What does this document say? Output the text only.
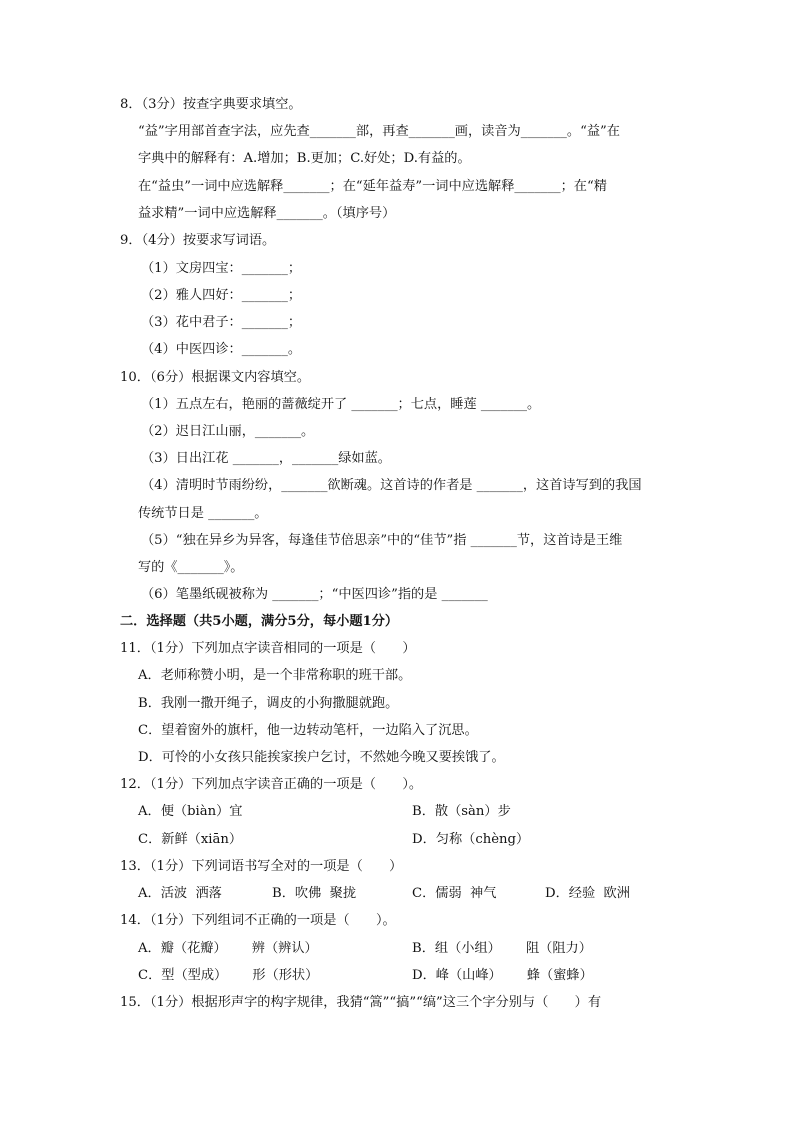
8．（3分）按查字典要求填空。
“益”字用部首查字法，应先查_______部，再查_______画，读音为_______。“益”在
字典中的解释有：A.增加；B.更加；C.好处；D.有益的。
在“益虫”一词中应选解释_______；在“延年益寿”一词中应选解释_______；在“精
益求精”一词中应选解释_______。（填序号）
9．（4分）按要求写词语。
（1）文房四宝：_______；
（2）雅人四好：_______；
（3）花中君子：_______；
（4）中医四诊：_______。
10．（6分）根据课文内容填空。
（1）五点左右，艳丽的蔷薇绽开了 _______；七点，睡莲 _______。
（2）迟日江山丽，_______。
（3）日出江花 _______，_______绿如蓝。
（4）清明时节雨纷纷，_______欲断魂。这首诗的作者是 _______，这首诗写到的我国
传统节日是 _______。
（5）“独在异乡为异客，每逢佳节倍思亲”中的“佳节”指 _______节，这首诗是王维
写的《_______》。
（6）笔墨纸砚被称为 _______；“中医四诊”指的是 _______
二．选择题（共5小题，满分5分，每小题1分）
11．（1分）下列加点字读音相同的一项是（　　）
A．老师称赞小明，是一个非常称职的班干部。
B．我刚一撒开绳子，调皮的小狗撒腿就跑。
C．望着窗外的旗杆，他一边转动笔杆，一边陷入了沉思。
D．可怜的小女孩只能挨家挨户乞讨，不然她今晚又要挨饿了。
12．（1分）下列加点字读音正确的一项是（　　）。
A．便（biàn）宜	B．散（sàn）步
C．新鲜（xiān）	D．匀称（chèng）
13．（1分）下列词语书写全对的一项是（　　）
A．活波  洒落	B．吹佛  聚拢	C．儒弱  神气	D．经验  欧洲
14．（1分）下列组词不正确的一项是（　　）。
A．瓣（花瓣）      辨（辨认）	B．组（小组）      阻（阻力）
C．型（型成）      形（形状）	D．峰（山峰）      蜂（蜜蜂）
15．（1分）根据形声字的构字规律，我猜“篙”“搞”“缟”这三个字分别与（　　）有
